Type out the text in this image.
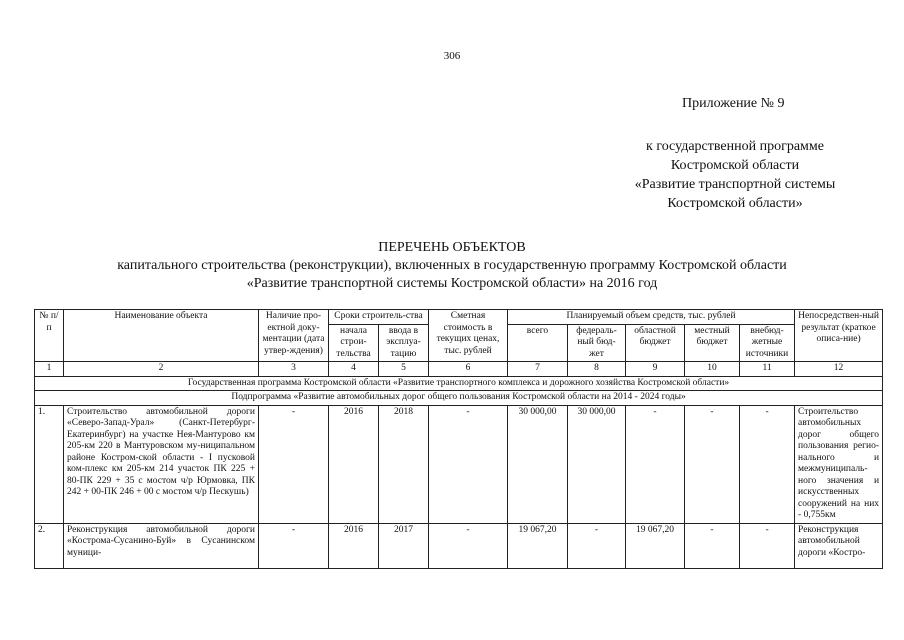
306
Приложение № 9
к государственной программе
Костромской области
«Развитие транспортной системы
Костромской области»
ПЕРЕЧЕНЬ ОБЪЕКТОВ
капитального строительства (реконструкции), включенных в государственную программу Костромской области
«Развитие транспортной системы Костромской области» на 2016 год
№ п/п	Наименование объекта	Наличие про-ектной доку-ментации (дата утвер-ждения)	Сроки строитель-ства		Сметная стоимость в текущих ценах, тыс. рублей	Планируемый объем средств, тыс. рублей					Непосредствен-ный результат (краткое описа-ние)
			начала строи-тельства	ввода в эксплуа-тацию		всего	федераль-ный бюд-жет	областной бюджет	местный бюджет	внебюд-жетные источники	
1	2	3	4	5	6	7	8	9	10	11	12
Государственная программа Костромской области «Развитие транспортного комплекса и дорожного хозяйства Костромской области»											
Подпрограмма «Развитие автомобильных дорог общего пользования Костромской области на 2014 - 2024 годы»											
1.	Строительство автомобильной дороги «Северо-Запад-Урал» (Санкт-Петербург-Екатеринбург) на участке Нея-Мантурово км 205-км 220 в Мантуровском му-ниципальном районе Костром-ской области - I пусковой ком-плекс км 205-км 214 участок ПК 225 + 80-ПК 229 + 35 с мостом ч/р Юрмовка, ПК 242 + 00-ПК 246 + 00 с мостом ч/р Пескушь)	-	2016	2018	-	30 000,00	30 000,00	-	-	-	Строительство автомобильных дорог общего пользования регио-нального и межмуниципаль-ного значения и искусственных сооружений на них - 0,755км
2.	Реконструкция автомобильной дороги «Кострома-Сусанино-Буй» в Сусанинском муници-	-	2016	2017	-	19 067,20	-	19 067,20	-	-	Реконструкция автомобильной дороги «Костро-
